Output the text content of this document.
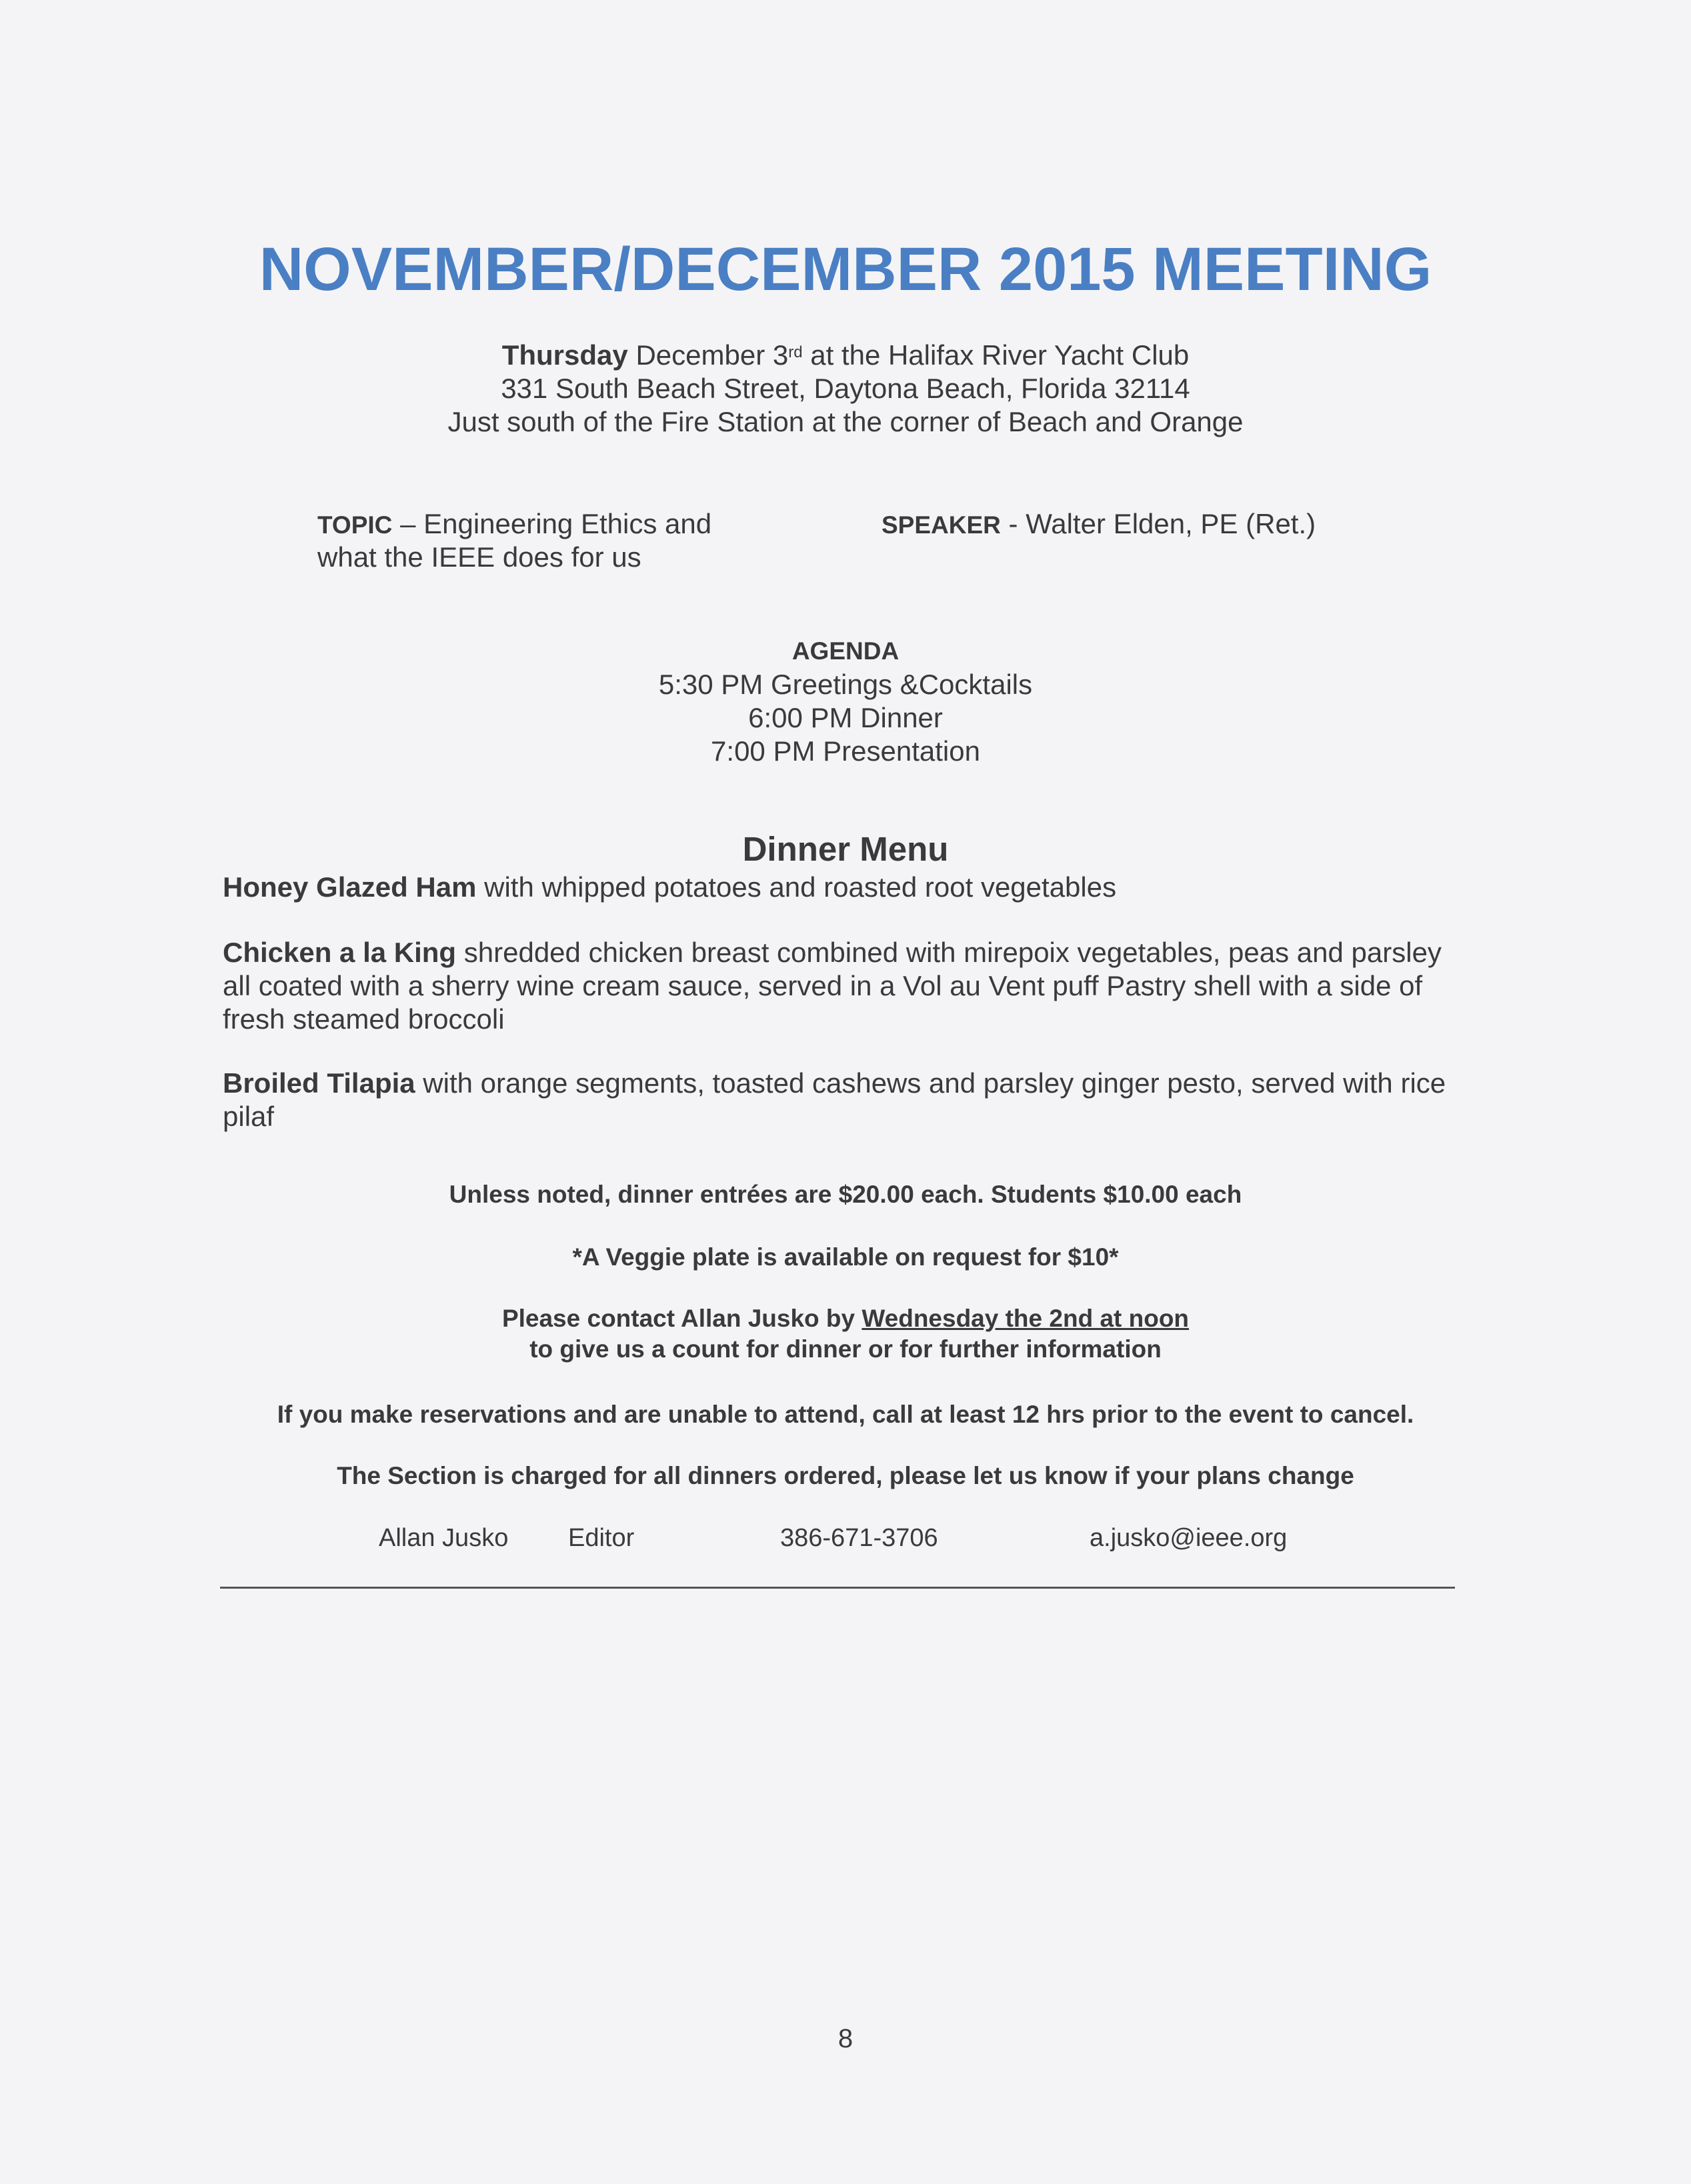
NOVEMBER/DECEMBER 2015 MEETING
Thursday December 3rd at the Halifax River Yacht Club
331 South Beach Street, Daytona Beach, Florida 32114
Just south of the Fire Station at the corner of Beach and Orange
TOPIC – Engineering Ethics and
what the IEEE does for us
SPEAKER - Walter Elden, PE (Ret.)
AGENDA
5:30 PM Greetings &Cocktails
6:00 PM Dinner
7:00 PM Presentation
Dinner Menu
Honey Glazed Ham with whipped potatoes and roasted root vegetables
Chicken a la King shredded chicken breast combined with mirepoix vegetables, peas and parsley all coated with a sherry wine cream sauce, served in a Vol au Vent puff Pastry shell with a side of fresh steamed broccoli
Broiled Tilapia with orange segments, toasted cashews and parsley ginger pesto, served with rice pilaf
Unless noted, dinner entrées are $20.00 each. Students $10.00 each
*A Veggie plate is available on request for $10*
Please contact Allan Jusko by Wednesday the 2nd at noon
to give us a count for dinner or for further information
If you make reservations and are unable to attend, call at least 12 hrs prior to the event to cancel.
The Section is charged for all dinners ordered, please let us know if your plans change
Allan Jusko Editor	386-671-3706	a.jusko@ieee.org
8
